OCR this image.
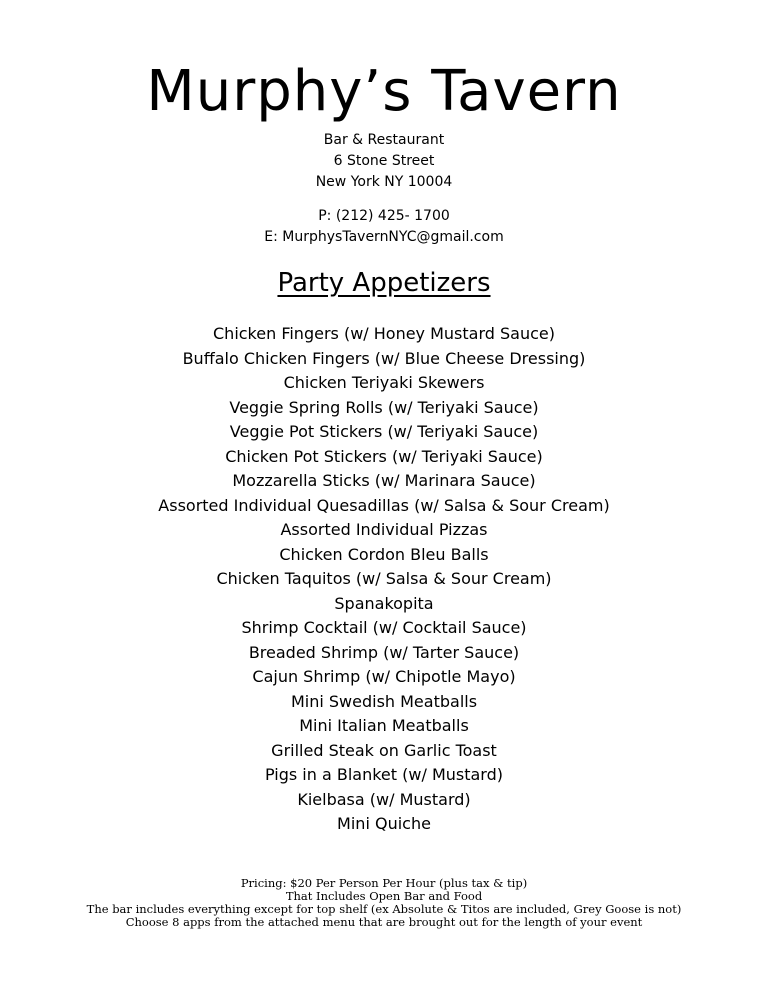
Murphy’s Tavern
Bar & Restaurant
6 Stone Street
New York NY 10004
P: (212) 425- 1700
E: MurphysTavernNYC@gmail.com
Party Appetizers
Chicken Fingers (w/ Honey Mustard Sauce)
Buffalo Chicken Fingers (w/ Blue Cheese Dressing)
Chicken Teriyaki Skewers
Veggie Spring Rolls (w/ Teriyaki Sauce)
Veggie Pot Stickers (w/ Teriyaki Sauce)
Chicken Pot Stickers (w/ Teriyaki Sauce)
Mozzarella Sticks (w/ Marinara Sauce)
Assorted Individual Quesadillas (w/ Salsa & Sour Cream)
Assorted Individual Pizzas
Chicken Cordon Bleu Balls
Chicken Taquitos (w/ Salsa & Sour Cream)
Spanakopita
Shrimp Cocktail (w/ Cocktail Sauce)
Breaded Shrimp (w/ Tarter Sauce)
Cajun Shrimp (w/ Chipotle Mayo)
Mini Swedish Meatballs
Mini Italian Meatballs
Grilled Steak on Garlic Toast
Pigs in a Blanket (w/ Mustard)
Kielbasa (w/ Mustard)
Mini Quiche
Pricing: $20 Per Person Per Hour (plus tax & tip)
That Includes Open Bar and Food
The bar includes everything except for top shelf (ex Absolute & Titos are included, Grey Goose is not)
Choose 8 apps from the attached menu that are brought out for the length of your event
